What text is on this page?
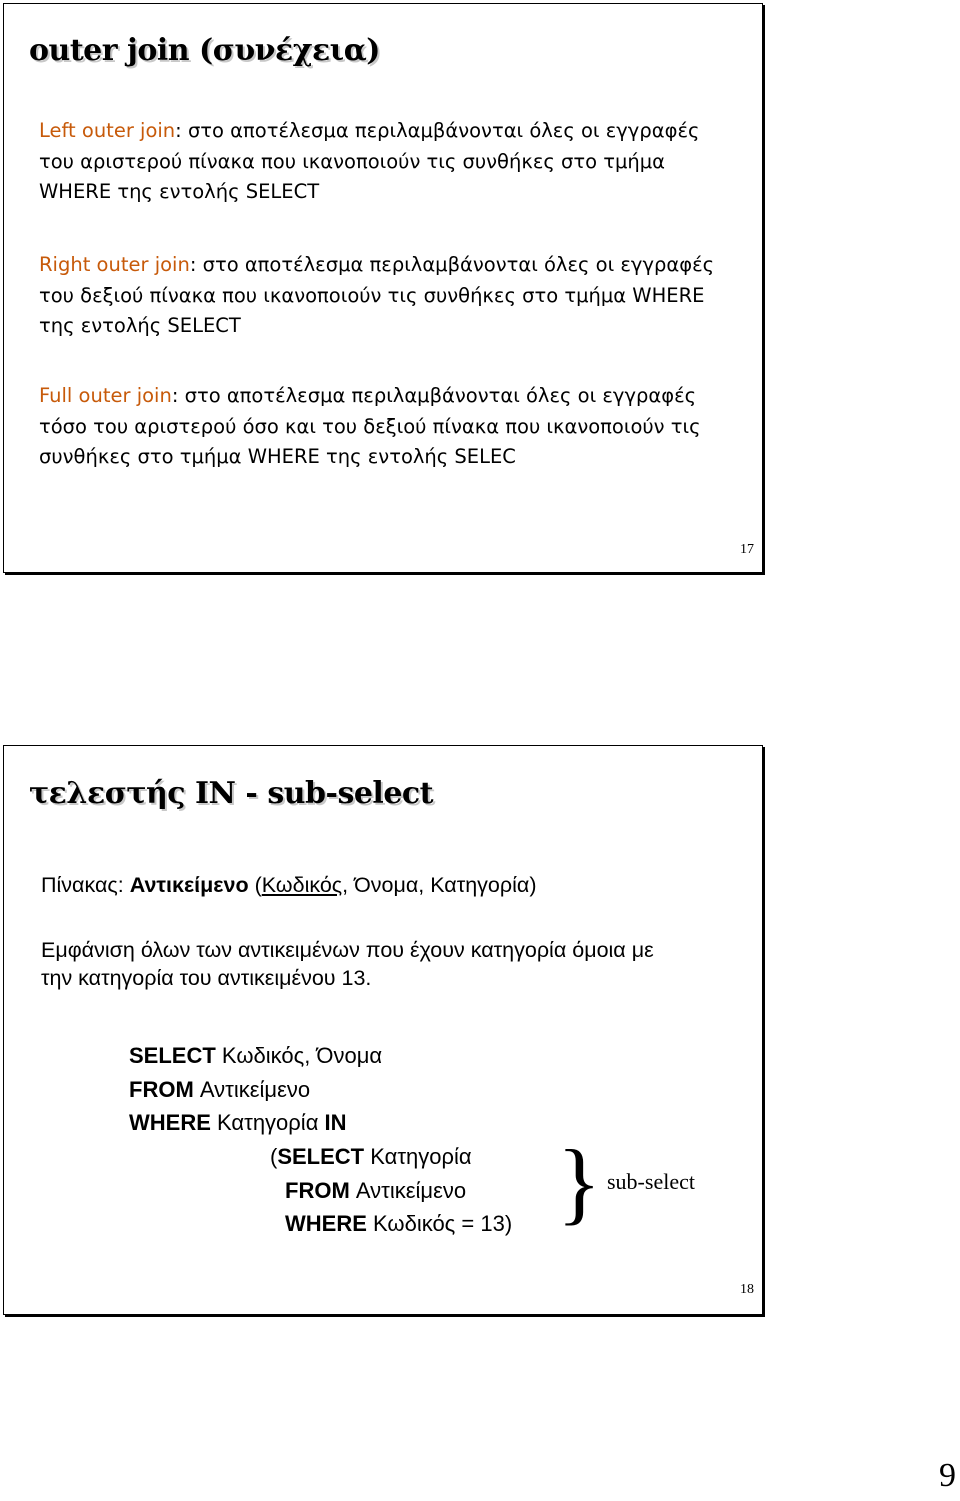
outer join (συνέχεια)

Left outer join: στο αποτέλεσμα περιλαμβάνονται όλες οι εγγραφές του αριστερού πίνακα που ικανοποιούν τις συνθήκες στο τμήμα WHERE της εντολής SELECT

Right outer join: στο αποτέλεσμα περιλαμβάνονται όλες οι εγγραφές του δεξιού πίνακα που ικανοποιούν τις συνθήκες στο τμήμα WHERE της εντολής SELECT

Full outer join: στο αποτέλεσμα περιλαμβάνονται όλες οι εγγραφές τόσο του αριστερού όσο και του δεξιού πίνακα που ικανοποιούν τις συνθήκες στο τμήμα WHERE της εντολής SELEC

17
τελεστής IN - sub-select

Πίνακας: Αντικείμενο (Κωδικός, Όνομα, Κατηγορία)

Εμφάνιση όλων των αντικειμένων που έχουν κατηγορία όμοια με την κατηγορία του αντικειμένου 13.

SELECT Κωδικός, Όνομα
FROM Αντικείμενο
WHERE Κατηγορία IN
(SELECT Κατηγορία
FROM Αντικείμενο
WHERE Κωδικός = 13) } sub-select
18
9
